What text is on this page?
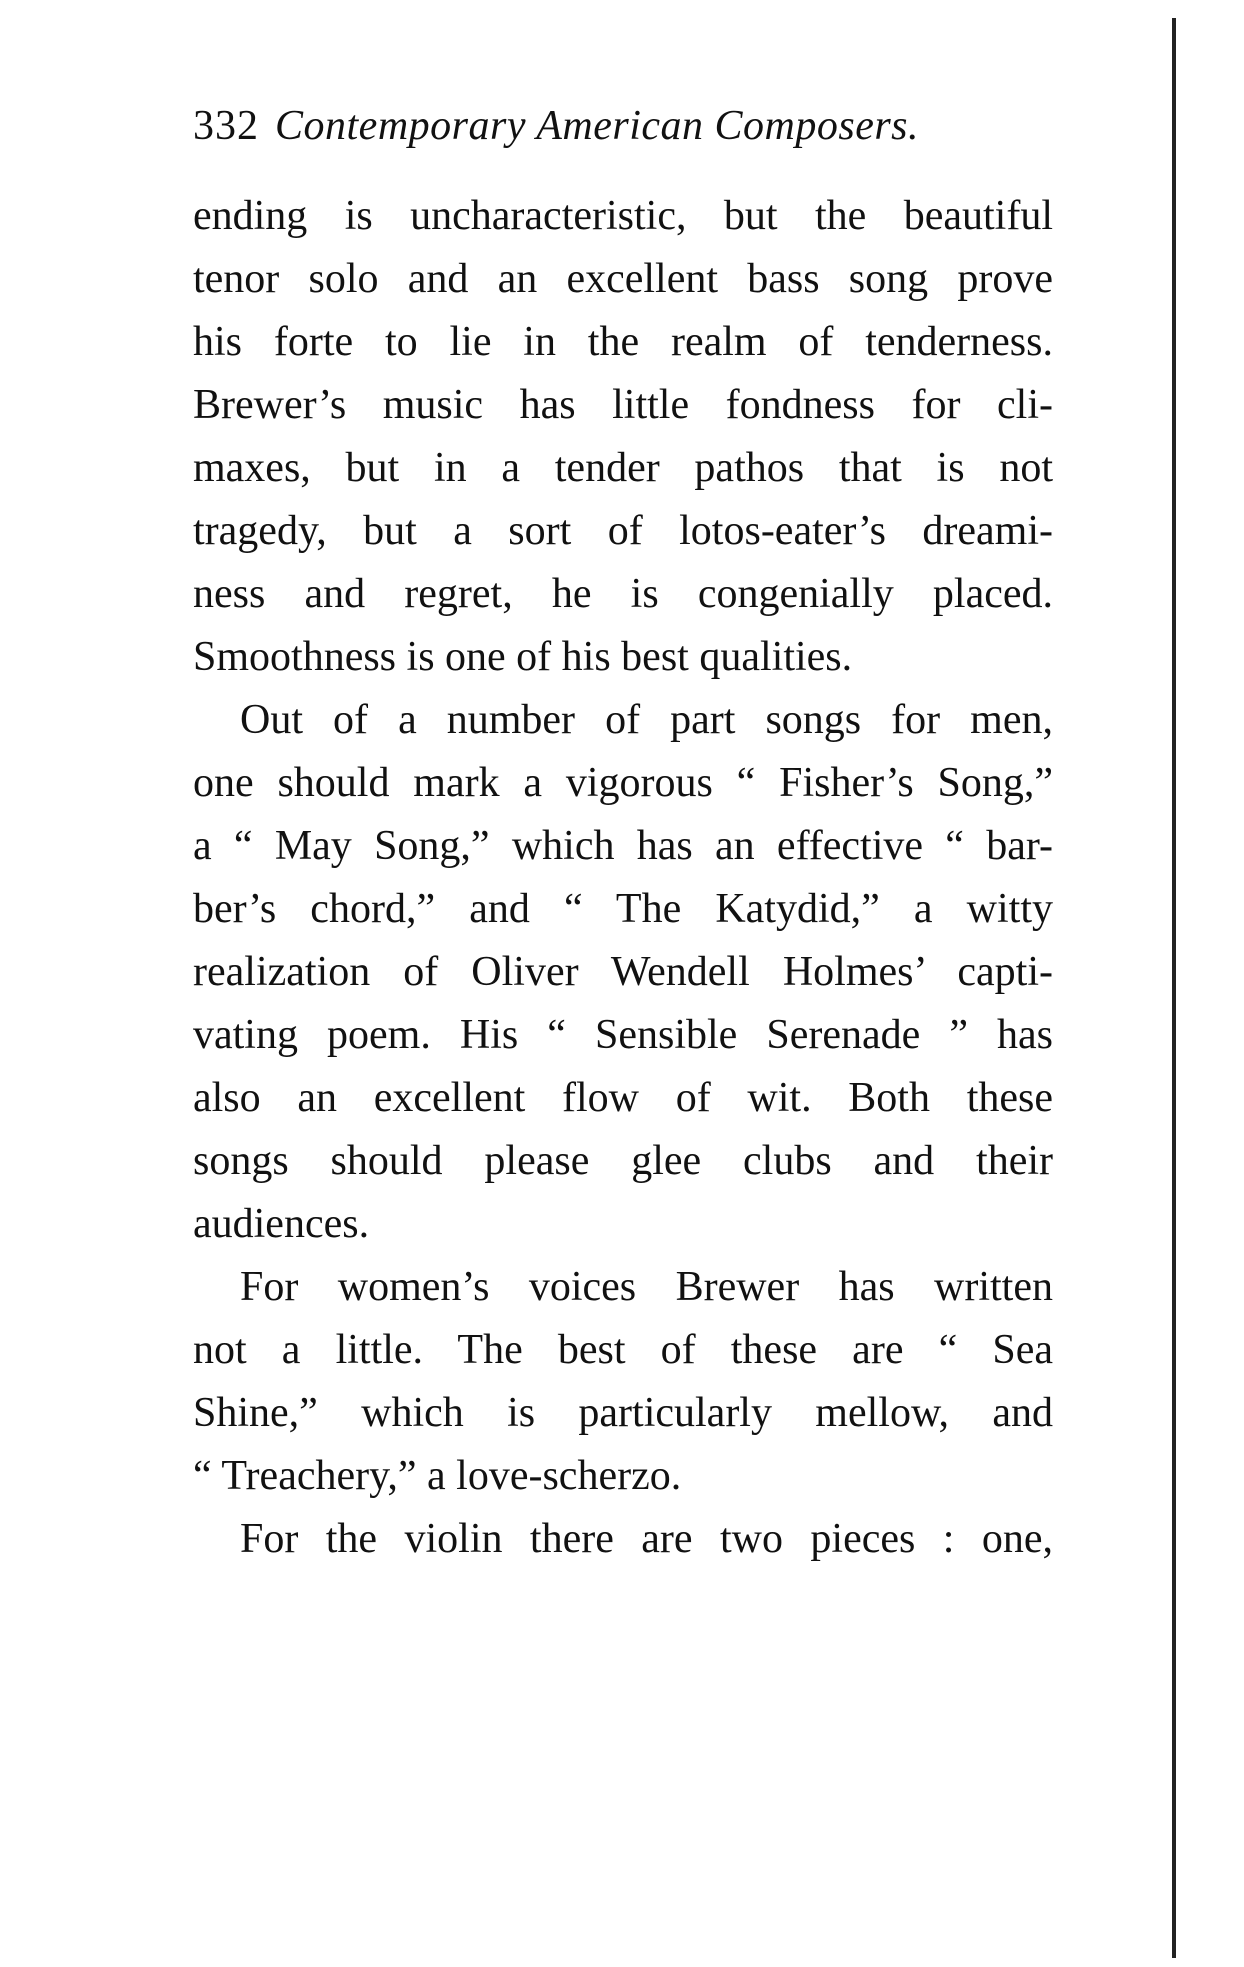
332 Contemporary American Composers.
ending is uncharacteristic, but the beautiful
tenor solo and an excellent bass song prove
his forte to lie in the realm of tenderness.
Brewer’s music has little fondness for cli-
maxes, but in a tender pathos that is not
tragedy, but a sort of lotos-eater’s dreami-
ness and regret, he is congenially placed.
Smoothness is one of his best qualities.
Out of a number of part songs for men,
one should mark a vigorous “ Fisher’s Song,”
a “ May Song,” which has an effective “ bar-
ber’s chord,” and “ The Katydid,” a witty
realization of Oliver Wendell Holmes’ capti-
vating poem. His “ Sensible Serenade ” has
also an excellent flow of wit. Both these
songs should please glee clubs and their
audiences.
For women’s voices Brewer has written
not a little. The best of these are “ Sea
Shine,” which is particularly mellow, and
“ Treachery,” a love-scherzo.
For the violin there are two pieces : one,
